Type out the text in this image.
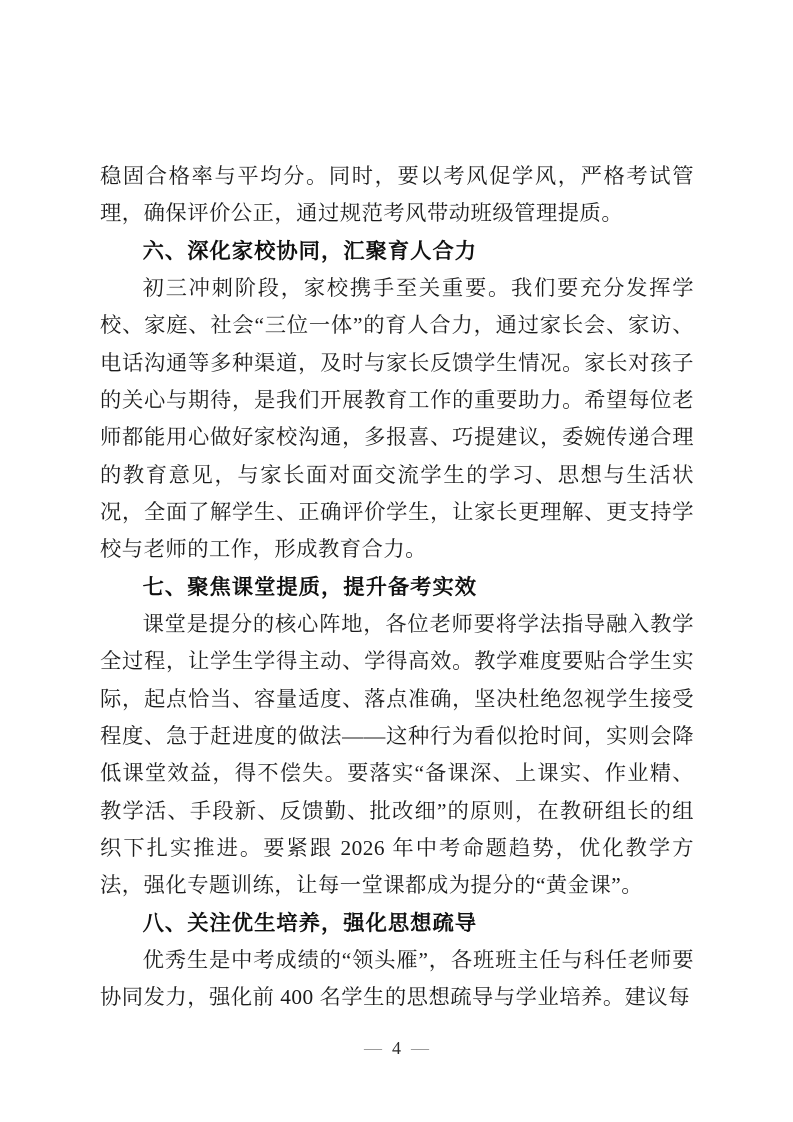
稳固合格率与平均分。同时，要以考风促学风，严格考试管理，确保评价公正，通过规范考风带动班级管理提质。

六、深化家校协同，汇聚育人合力

初三冲刺阶段，家校携手至关重要。我们要充分发挥学校、家庭、社会“三位一体”的育人合力，通过家长会、家访、电话沟通等多种渠道，及时与家长反馈学生情况。家长对孩子的关心与期待，是我们开展教育工作的重要助力。希望每位老师都能用心做好家校沟通，多报喜、巧提建议，委婉传递合理的教育意见，与家长面对面交流学生的学习、思想与生活状况，全面了解学生、正确评价学生，让家长更理解、更支持学校与老师的工作，形成教育合力。

七、聚焦课堂提质，提升备考实效

课堂是提分的核心阵地，各位老师要将学法指导融入教学全过程，让学生学得主动、学得高效。教学难度要贴合学生实际，起点恰当、容量适度、落点准确，坚决杜绝忽视学生接受程度、急于赶进度的做法——这种行为看似抢时间，实则会降低课堂效益，得不偿失。要落实“备课深、上课实、作业精、教学活、手段新、反馈勤、批改细”的原则，在教研组长的组织下扎实推进。要紧跟 2026 年中考命题趋势，优化教学方法，强化专题训练，让每一堂课都成为提分的“黄金课”。

八、关注优生培养，强化思想疏导

优秀生是中考成绩的“领头雁”，各班班主任与科任老师要协同发力，强化前 400 名学生的思想疏导与学业培养。建议每

— 4 —
